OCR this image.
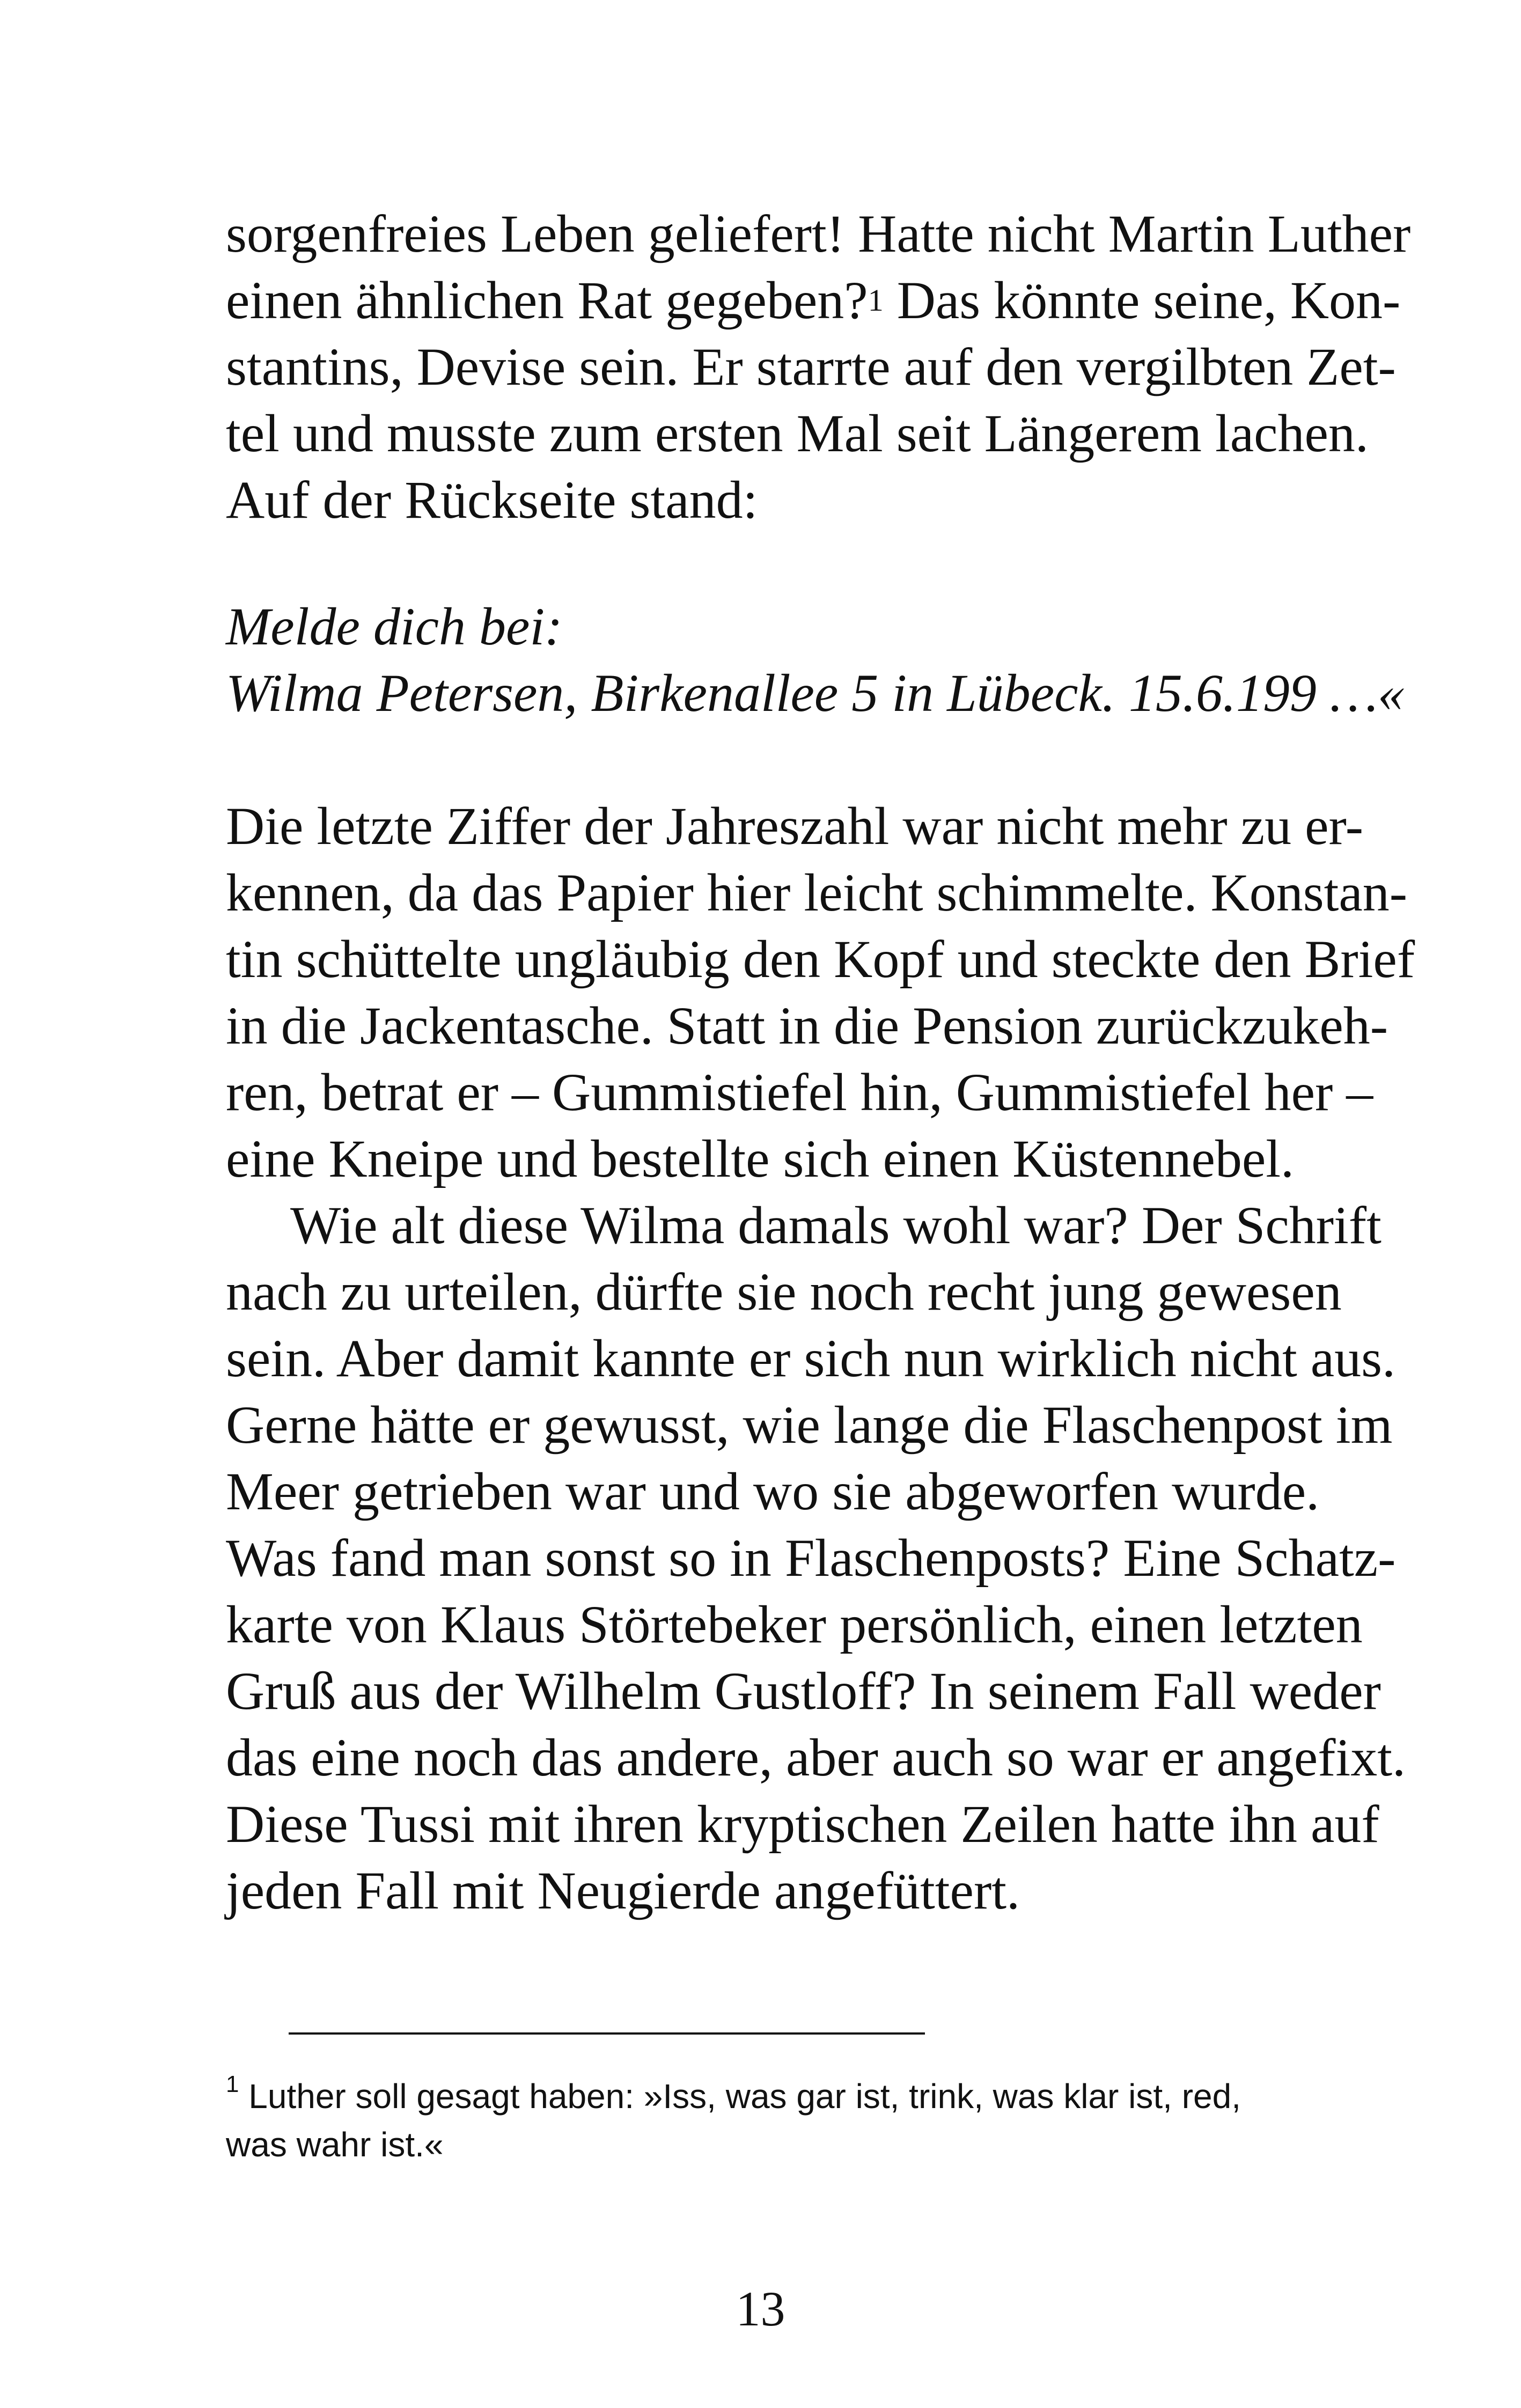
sorgenfreies Leben geliefert! Hatte nicht Martin Luther
einen ähnlichen Rat gegeben?$^1$ Das könnte seine, Kon-
stantins, Devise sein. Er starrte auf den vergilbten Zet-
tel und musste zum ersten Mal seit Längerem lachen.
Auf der Rückseite stand:
Melde dich bei:
Wilma Petersen, Birkenallee 5 in Lübeck. 15.6.199 …«
Die letzte Ziffer der Jahreszahl war nicht mehr zu er-
kennen, da das Papier hier leicht schimmelte. Konstan-
tin schüttelte ungläubig den Kopf und steckte den Brief
in die Jackentasche. Statt in die Pension zurückzukeh-
ren, betrat er – Gummistiefel hin, Gummistiefel her –
eine Kneipe und bestellte sich einen Küstennebel.
Wie alt diese Wilma damals wohl war? Der Schrift
nach zu urteilen, dürfte sie noch recht jung gewesen
sein. Aber damit kannte er sich nun wirklich nicht aus.
Gerne hätte er gewusst, wie lange die Flaschenpost im
Meer getrieben war und wo sie abgeworfen wurde.
Was fand man sonst so in Flaschenposts? Eine Schatz-
karte von Klaus Störtebeker persönlich, einen letzten
Gruß aus der Wilhelm Gustloff? In seinem Fall weder
das eine noch das andere, aber auch so war er angefixt.
Diese Tussi mit ihren kryptischen Zeilen hatte ihn auf
jeden Fall mit Neugierde angefüttert.
$^1$ Luther soll gesagt haben: »Iss, was gar ist, trink, was klar ist, red,
was wahr ist.«
13
